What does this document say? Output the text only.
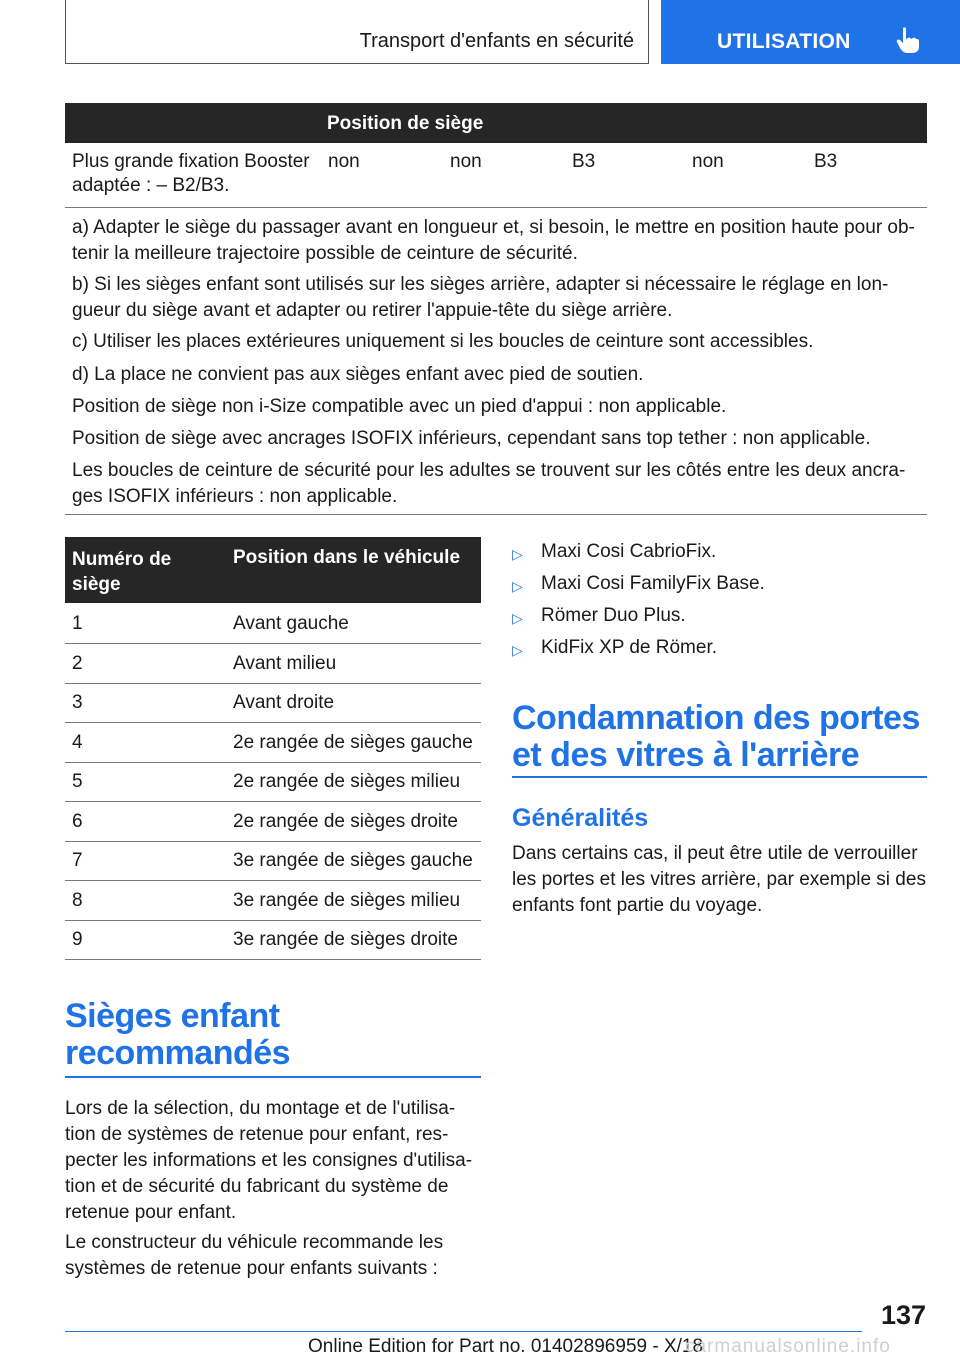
Transport d'enfants en sécurité	UTILISATION
Position de siège
Plus grande fixation Booster adaptée : – B2/B3.
non	non	B3	non	B3
a) Adapter le siège du passager avant en longueur et, si besoin, le mettre en position haute pour ob-tenir la meilleure trajectoire possible de ceinture de sécurité.
b) Si les sièges enfant sont utilisés sur les sièges arrière, adapter si nécessaire le réglage en lon-gueur du siège avant et adapter ou retirer l'appuie-tête du siège arrière.
c) Utiliser les places extérieures uniquement si les boucles de ceinture sont accessibles.
d) La place ne convient pas aux sièges enfant avec pied de soutien.
Position de siège non i-Size compatible avec un pied d'appui : non applicable.
Position de siège avec ancrages ISOFIX inférieurs, cependant sans top tether : non applicable.
Les boucles de ceinture de sécurité pour les adultes se trouvent sur les côtés entre les deux ancra-ges ISOFIX inférieurs : non applicable.
Numéro de siège
Position dans le véhicule
1	Avant gauche
2	Avant milieu
3	Avant droite
4	2e rangée de sièges gauche
5	2e rangée de sièges milieu
6	2e rangée de sièges droite
7	3e rangée de sièges gauche
8	3e rangée de sièges milieu
9	3e rangée de sièges droite
Sièges enfant recommandés
Lors de la sélection, du montage et de l'utilisa-tion de systèmes de retenue pour enfant, res-pecter les informations et les consignes d'utilisa-tion et de sécurité du fabricant du système de retenue pour enfant.
Le constructeur du véhicule recommande les systèmes de retenue pour enfants suivants :
▷ Maxi Cosi CabrioFix.
▷ Maxi Cosi FamilyFix Base.
▷ Römer Duo Plus.
▷ KidFix XP de Römer.
Condamnation des portes et des vitres à l'arrière
Généralités
Dans certains cas, il peut être utile de verrouiller les portes et les vitres arrière, par exemple si des enfants font partie du voyage.
137
Online Edition for Part no. 01402896959 - X/18
carmanualsonline.info
